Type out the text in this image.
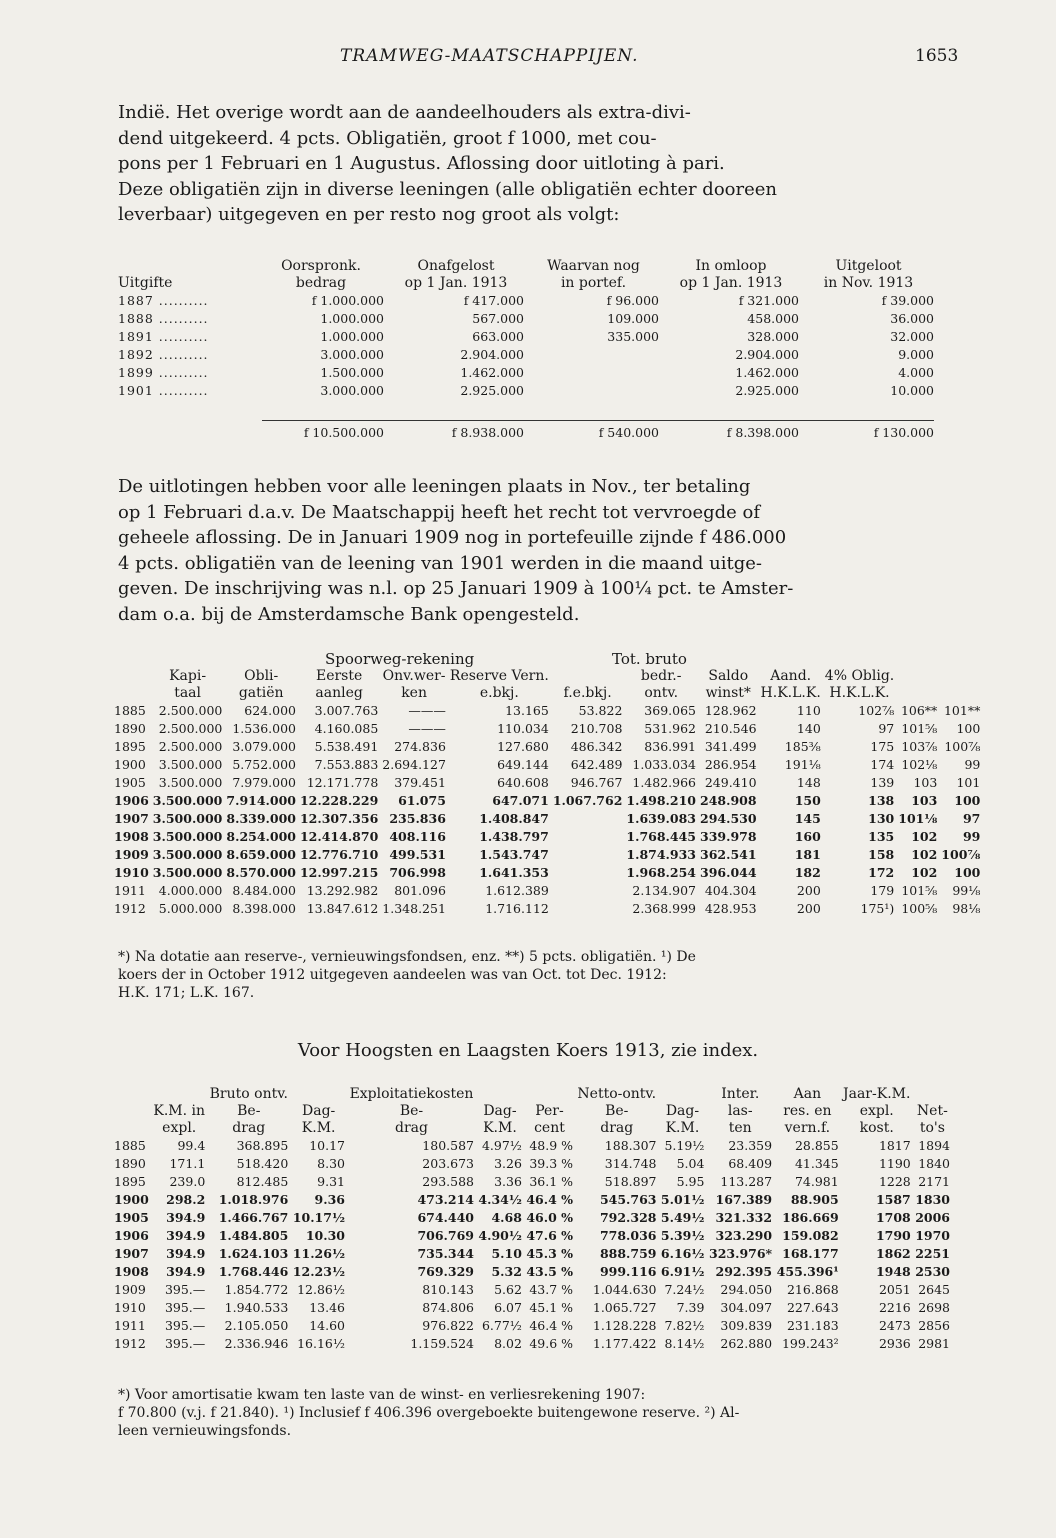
TRAMWEG-MAATSCHAPPIJEN.	1653
Indië. Het overige wordt aan de aandeelhouders als extra-divi-
dend uitgekeerd. 4 pcts. Obligatiën, groot f 1000, met cou-
pons per 1 Februari en 1 Augustus. Aflossing door uitloting à pari.
Deze obligatiën zijn in diverse leeningen (alle obligatiën echter dooreen
leverbaar) uitgegeven en per resto nog groot als volgt:
	Oorspronk.	Onafgelost	Waarvan nog	In omloop	Uitgeloot
Uitgifte	bedrag	op 1 Jan. 1913	in portef.	op 1 Jan. 1913	in Nov. 1913
1887 ..........	f 1.000.000	f 417.000	f 96.000	f 321.000	f 39.000
1888 ..........	1.000.000	567.000	109.000	458.000	36.000
1891 ..........	1.000.000	663.000	335.000	328.000	32.000
1892 ..........	3.000.000	2.904.000		2.904.000	9.000
1899 ..........	1.500.000	1.462.000		1.462.000	4.000
1901 ..........	3.000.000	2.925.000		2.925.000	10.000
	f 10.500.000	f 8.938.000	f 540.000	f 8.398.000	f 130.000
De uitlotingen hebben voor alle leeningen plaats in Nov., ter betaling
op 1 Februari d.a.v. De Maatschappij heeft het recht tot vervroegde of
geheele aflossing. De in Januari 1909 nog in portefeuille zijnde f 486.000
4 pcts. obligatiën van de leening van 1901 werden in die maand uitge-
geven. De inschrijving was n.l. op 25 Januari 1909 à 100¼ pct. te Amster-
dam o.a. bij de Amsterdamsche Bank opengesteld.
Spoorweg-rekening	Tot. bruto
	Kapi-	Obli-	Eerste	Onv.wer-	Reserve Vern.		bedr.-	Saldo	Aand.	4% Oblig.		
	taal	gatiën	aanleg	ken	e.bkj.	f.e.bkj.	ontv.	winst*	H.K.L.K.	H.K.L.K.		
1885	2.500.000	624.000	3.007.763	———	13.165	53.822	369.065	128.962	110	102⅞	106**	101**
1890	2.500.000	1.536.000	4.160.085	———	110.034	210.708	531.962	210.546	140	97	101⅝	100
1895	2.500.000	3.079.000	5.538.491	274.836	127.680	486.342	836.991	341.499	185⅜	175	103⅞	100⅞
1900	3.500.000	5.752.000	7.553.883	2.694.127	649.144	642.489	1.033.034	286.954	191⅛	174	102⅛	99
1905	3.500.000	7.979.000	12.171.778	379.451	640.608	946.767	1.482.966	249.410	148	139	103	101
1906	3.500.000	7.914.000	12.228.229	61.075	647.071	1.067.762	1.498.210	248.908	150	138	103	100
1907	3.500.000	8.339.000	12.307.356	235.836	1.408.847		1.639.083	294.530	145	130	101⅛	97
1908	3.500.000	8.254.000	12.414.870	408.116	1.438.797		1.768.445	339.978	160	135	102	99
1909	3.500.000	8.659.000	12.776.710	499.531	1.543.747		1.874.933	362.541	181	158	102	100⅞
1910	3.500.000	8.570.000	12.997.215	706.998	1.641.353		1.968.254	396.044	182	172	102	100
1911	4.000.000	8.484.000	13.292.982	801.096	1.612.389		2.134.907	404.304	200	179	101⅝	99⅛
1912	5.000.000	8.398.000	13.847.612	1.348.251	1.716.112		2.368.999	428.953	200	175¹)	100⅝	98⅛
*) Na dotatie aan reserve-, vernieuwingsfondsen, enz. **) 5 pcts. obligatiën. ¹) De
koers der in October 1912 uitgegeven aandeelen was van Oct. tot Dec. 1912:
H.K. 171; L.K. 167.
Voor Hoogsten en Laagsten Koers 1913, zie index.
		Bruto ontv.		Exploitatiekosten			Netto-ontv.		Inter.	Aan	Jaar-K.M.	
	K.M. in	Be-	Dag-	Be-	Dag-	Per-	Be-	Dag-	las-	res. en	expl.	Net-
	expl.	drag	K.M.	drag	K.M.	cent	drag	K.M.	ten	vern.f.	kost.	to's
1885	99.4	368.895	10.17	180.587	4.97½	48.9 %	188.307	5.19½	23.359	28.855	1817	1894
1890	171.1	518.420	8.30	203.673	3.26	39.3 %	314.748	5.04	68.409	41.345	1190	1840
1895	239.0	812.485	9.31	293.588	3.36	36.1 %	518.897	5.95	113.287	74.981	1228	2171
1900	298.2	1.018.976	9.36	473.214	4.34½	46.4 %	545.763	5.01½	167.389	88.905	1587	1830
1905	394.9	1.466.767	10.17½	674.440	4.68	46.0 %	792.328	5.49½	321.332	186.669	1708	2006
1906	394.9	1.484.805	10.30	706.769	4.90½	47.6 %	778.036	5.39½	323.290	159.082	1790	1970
1907	394.9	1.624.103	11.26½	735.344	5.10	45.3 %	888.759	6.16½	323.976*	168.177	1862	2251
1908	394.9	1.768.446	12.23½	769.329	5.32	43.5 %	999.116	6.91½	292.395	455.396¹	1948	2530
1909	395.—	1.854.772	12.86½	810.143	5.62	43.7 %	1.044.630	7.24½	294.050	216.868	2051	2645
1910	395.—	1.940.533	13.46	874.806	6.07	45.1 %	1.065.727	7.39	304.097	227.643	2216	2698
1911	395.—	2.105.050	14.60	976.822	6.77½	46.4 %	1.128.228	7.82½	309.839	231.183	2473	2856
1912	395.—	2.336.946	16.16½	1.159.524	8.02	49.6 %	1.177.422	8.14½	262.880	199.243²	2936	2981
*) Voor amortisatie kwam ten laste van de winst- en verliesrekening 1907:
f 70.800 (v.j. f 21.840). ¹) Inclusief f 406.396 overgeboekte buitengewone reserve. ²) Al-
leen vernieuwingsfonds.
